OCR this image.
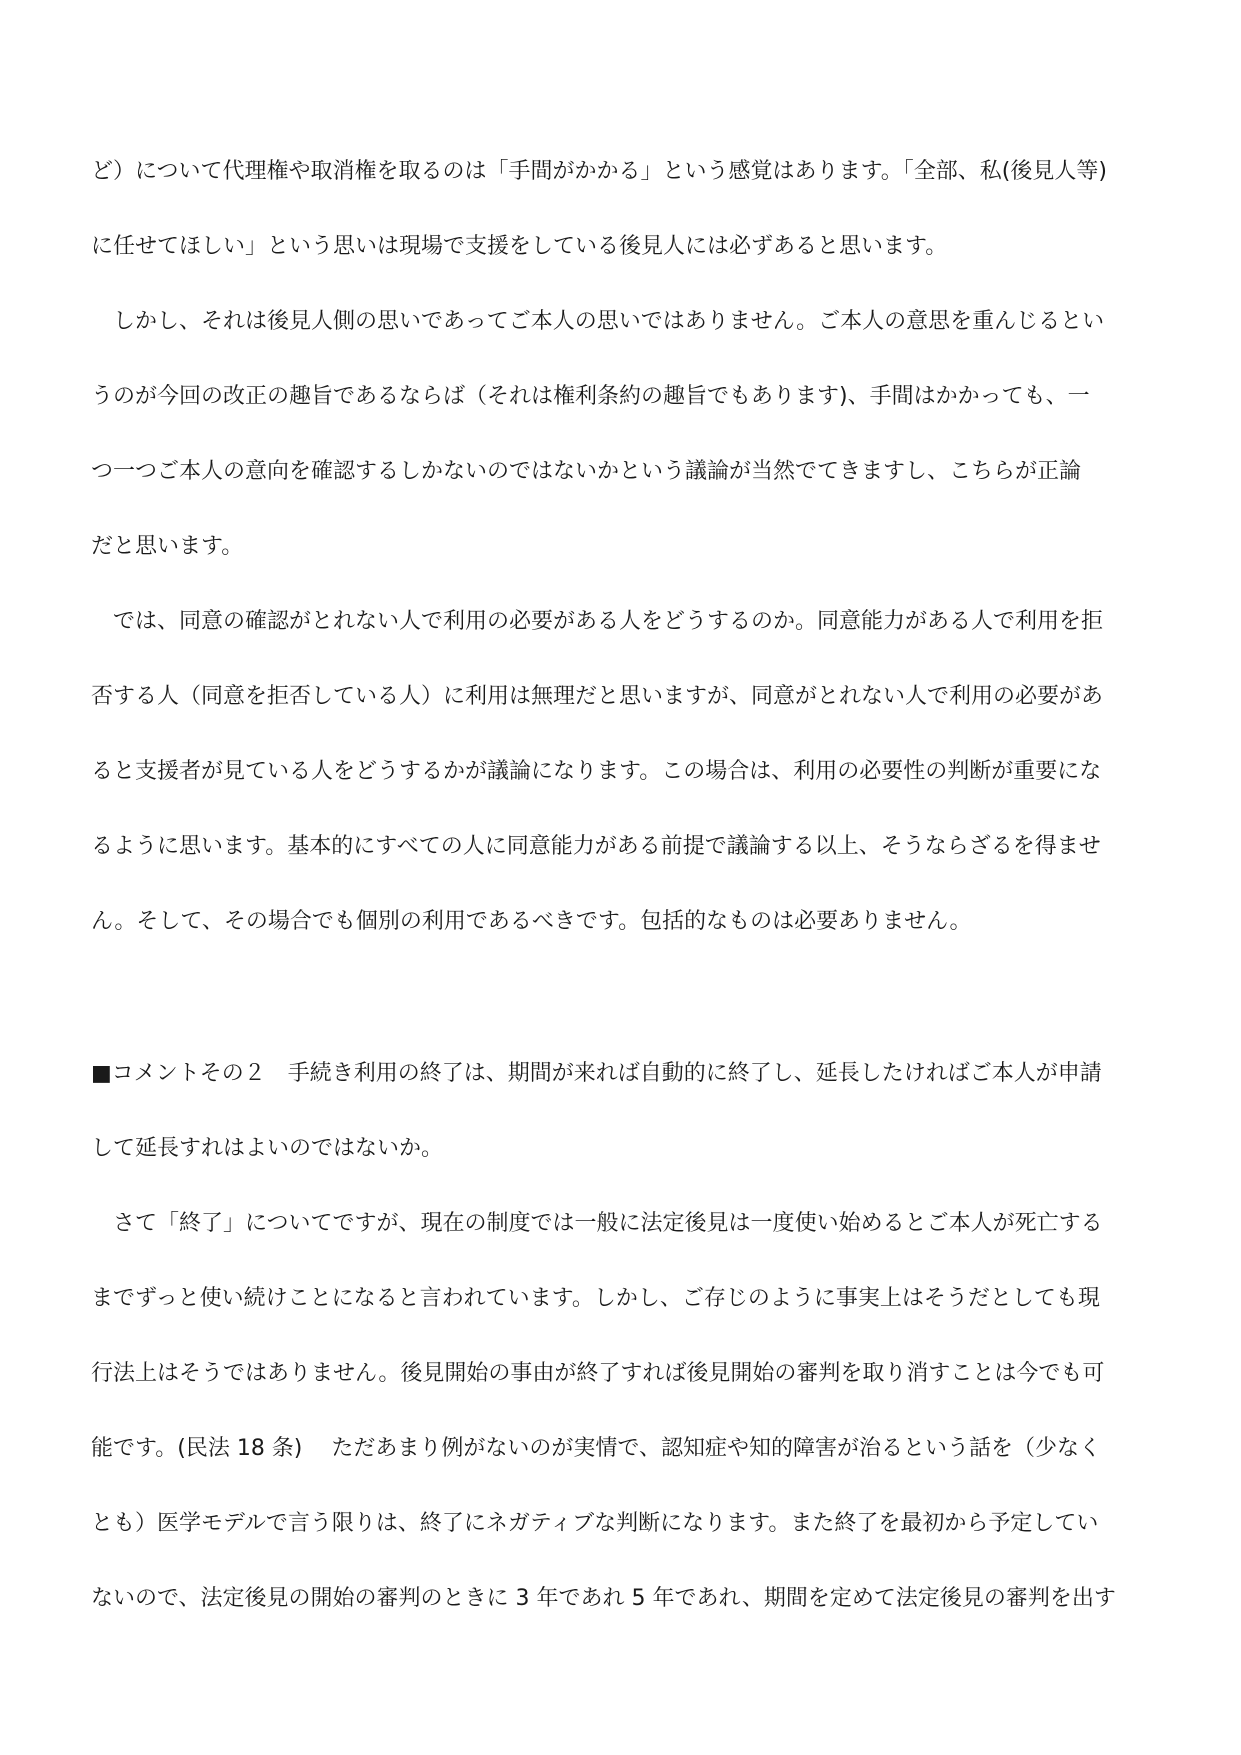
ど）について代理権や取消権を取るのは「手間がかかる」という感覚はあります。「全部、私(後見人等)
に任せてほしい」という思いは現場で支援をしている後見人には必ずあると思います。
　しかし、それは後見人側の思いであってご本人の思いではありません。ご本人の意思を重んじるとい
うのが今回の改正の趣旨であるならば（それは権利条約の趣旨でもあります)、手間はかかっても、一
つ一つご本人の意向を確認するしかないのではないかという議論が当然でてきますし、こちらが正論
だと思います。
　では、同意の確認がとれない人で利用の必要がある人をどうするのか。同意能力がある人で利用を拒
否する人（同意を拒否している人）に利用は無理だと思いますが、同意がとれない人で利用の必要があ
ると支援者が見ている人をどうするかが議論になります。この場合は、利用の必要性の判断が重要にな
るように思います。基本的にすべての人に同意能力がある前提で議論する以上、そうならざるを得ませ
ん。そして、その場合でも個別の利用であるべきです。包括的なものは必要ありません。
■コメントその２　手続き利用の終了は、期間が来れば自動的に終了し、延長したければご本人が申請
して延長すれはよいのではないか。
　さて「終了」についてですが、現在の制度では一般に法定後見は一度使い始めるとご本人が死亡する
までずっと使い続けことになると言われています。しかし、ご存じのように事実上はそうだとしても現
行法上はそうではありません。後見開始の事由が終了すれば後見開始の審判を取り消すことは今でも可
能です。(民法 18 条)　 ただあまり例がないのが実情で、認知症や知的障害が治るという話を（少なく
とも）医学モデルで言う限りは、終了にネガティブな判断になります。また終了を最初から予定してい
ないので、法定後見の開始の審判のときに 3 年であれ 5 年であれ、期間を定めて法定後見の審判を出す
